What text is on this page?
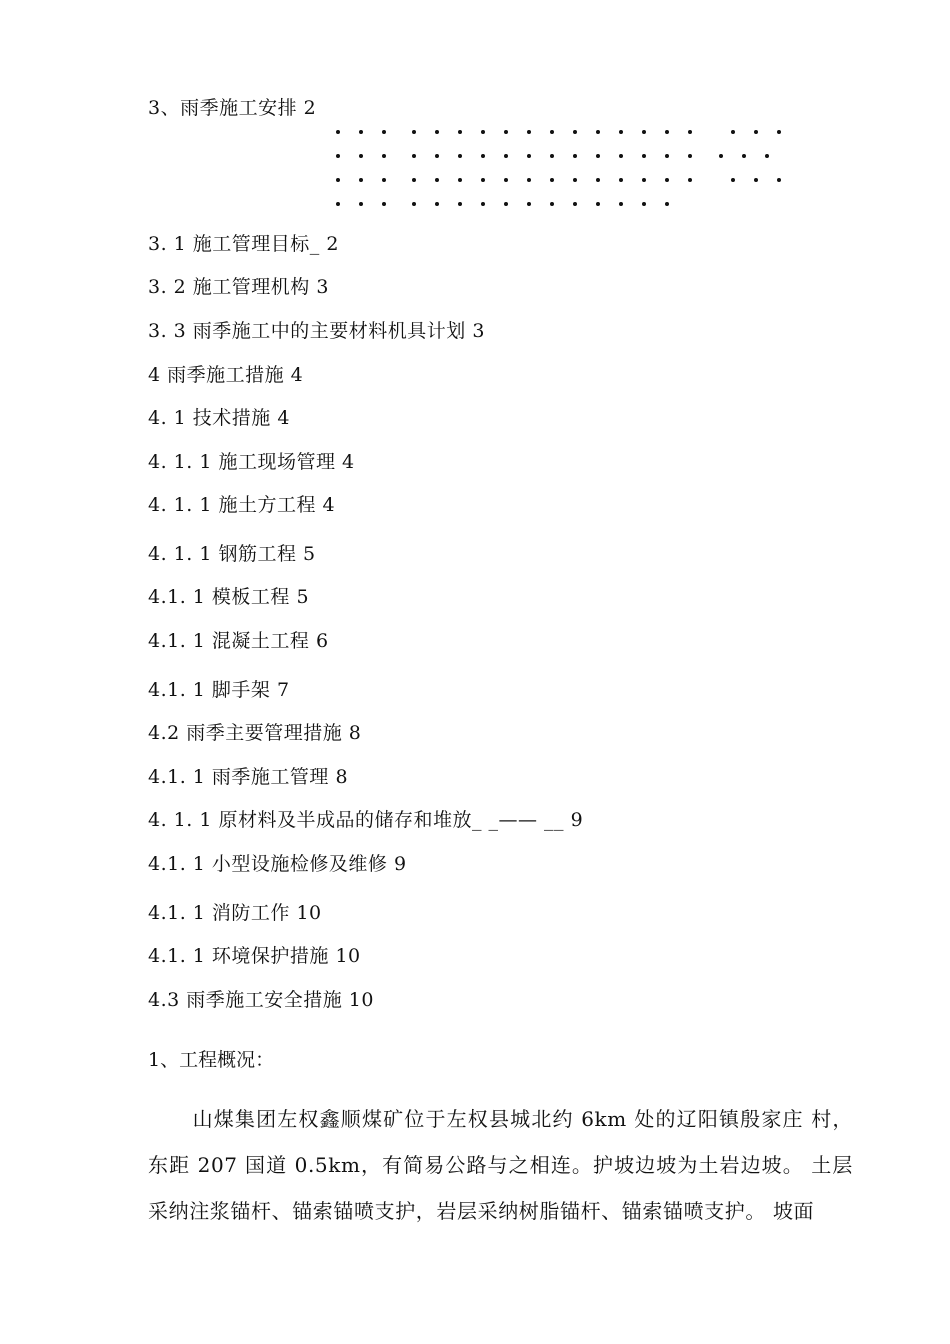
3、雨季施工安排 2
3. 1 施工管理目标_ 2
3. 2 施工管理机构 3
3. 3 雨季施工中的主要材料机具计划 3
4 雨季施工措施 4
4. 1 技术措施 4
4. 1. 1 施工现场管理 4
4. 1. 1 施土方工程 4
4. 1. 1 钢筋工程 5
4.1. 1 模板工程 5
4.1. 1 混凝土工程 6
4.1. 1 脚手架 7
4.2 雨季主要管理措施 8
4.1. 1 雨季施工管理 8
4. 1. 1 原材料及半成品的储存和堆放_ _—— __ 9
4.1. 1 小型设施检修及维修 9
4.1. 1 消防工作 10
4.1. 1 环境保护措施 10
4.3 雨季施工安全措施 10
1、工程概况：
山煤集团左权鑫顺煤矿位于左权县城北约 6km 处的辽阳镇殷家庄 村，东距 207 国道 0.5km，有简易公路与之相连。护坡边坡为土岩边坡。 土层采纳注浆锚杆、锚索锚喷支护，岩层采纳树脂锚杆、锚索锚喷支护。 坡面
